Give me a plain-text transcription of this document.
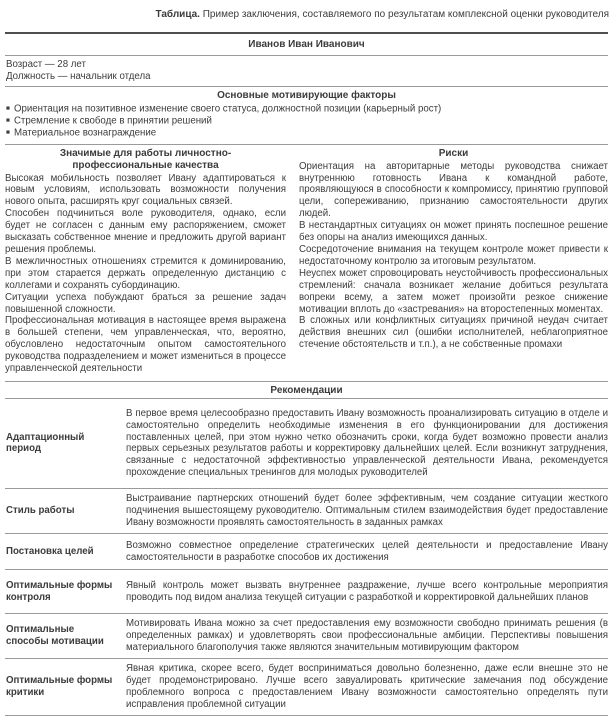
Таблица. Пример заключения, составляемого по результатам комплексной оценки руководителя
Иванов Иван Иванович
Возраст — 28 лет
Должность — начальник отдела
Основные мотивирующие факторы
■ Ориентация на позитивное изменение своего статуса, должностной позиции (карьерный рост)
■ Стремление к свободе в принятии решений
■ Материальное вознаграждение
Значимые для работы личностно-профессиональные качества

Высокая мобильность позволяет Ивану адаптироваться к новым условиям, использовать возможности получения нового опыта, расширять круг социальных связей.

Способен подчиниться воле руководителя, однако, если будет не согласен с данным ему распоряжением, сможет высказать собственное мнение и предложить другой вариант решения проблемы.

В межличностных отношениях стремится к доминированию, при этом старается держать определенную дистанцию с коллегами и сохранять субординацию.

Ситуации успеха побуждают браться за решение задач повышенной сложности.

Профессиональная мотивация в настоящее время выражена в большей степени, чем управленческая, что, вероятно, обусловлено недостаточным опытом самостоятельного руководства подразделением и может измениться в процессе управленческой деятельности

Риски

Ориентация на авторитарные методы руководства снижает внутреннюю готовность Ивана к командной работе, проявляющуюся в способности к компромиссу, принятию групповой цели, сопереживанию, признанию самостоятельности других людей.

В нестандартных ситуациях он может принять поспешное решение без опоры на анализ имеющихся данных.

Сосредоточение внимания на текущем контроле может привести к недостаточному контролю за итоговым результатом.

Неуспех может спровоцировать неустойчивость профессиональных стремлений: сначала возникает желание добиться результата вопреки всему, а затем может произойти резкое снижение мотивации вплоть до «застревания» на второстепенных моментах.

В сложных или конфликтных ситуациях причиной неудач считает действия внешних сил (ошибки исполнителей, неблагоприятное стечение обстоятельств и т.п.), а не собственные промахи

Рекомендации
Адаптационный период	В первое время целесообразно предоставить Ивану возможность проанализировать ситуацию в отделе и самостоятельно определить необходимые изменения в его функционировании для достижения поставленных целей, при этом нужно четко обозначить сроки, когда будет возможно провести анализ первых серьезных результатов работы и корректировку дальнейших целей. Если возникнут затруднения, связанные с недостаточной эффективностью управленческой деятельности Ивана, рекомендуется прохождение специальных тренингов для молодых руководителей
Стиль работы	Выстраивание партнерских отношений будет более эффективным, чем создание ситуации жесткого подчинения вышестоящему руководителю. Оптимальным стилем взаимодействия будет предоставление Ивану возможности проявлять самостоятельность в заданных рамках
Постановка целей	Возможно совместное определение стратегических целей деятельности и предоставление Ивану самостоятельности в разработке способов их достижения
Оптимальные формы контроля	Явный контроль может вызвать внутреннее раздражение, лучше всего контрольные мероприятия проводить под видом анализа текущей ситуации с разработкой и корректировкой дальнейших планов
Оптимальные способы мотивации	Мотивировать Ивана можно за счет предоставления ему возможности свободно принимать решения (в определенных рамках) и удовлетворять свои профессиональные амбиции. Перспективы повышения материального благополучия также являются значительным мотивирующим фактором
Оптимальные формы критики	Явная критика, скорее всего, будет восприниматься довольно болезненно, даже если внешне это не будет продемонстрировано. Лучше всего завуалировать критические замечания под обсуждение проблемного вопроса с предоставлением Ивану возможности самостоятельно определять пути исправления проблемной ситуации
